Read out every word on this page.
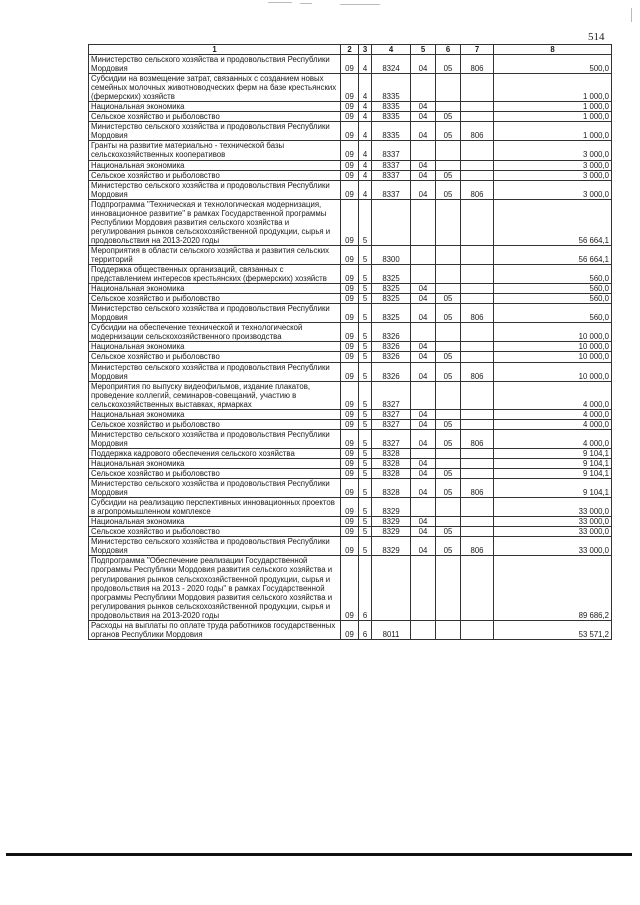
514
1	2	3	4	5	6	7	8
Министерство сельского хозяйства и продовольствия Республики Мордовия	09	4	8324	04	05	806	500,0
Субсидии на возмещение затрат, связанных с созданием новых семейных молочных животноводческих ферм на базе крестьянских (фермерских) хозяйств	09	4	8335				1 000,0
Национальная экономика	09	4	8335	04			1 000,0
Сельское хозяйство и рыболовство	09	4	8335	04	05		1 000,0
Министерство сельского хозяйства и продовольствия Республики Мордовия	09	4	8335	04	05	806	1 000,0
Гранты на развитие материально - технической базы сельскохозяйственных кооперативов	09	4	8337				3 000,0
Национальная экономика	09	4	8337	04			3 000,0
Сельское хозяйство и рыболовство	09	4	8337	04	05		3 000,0
Министерство сельского хозяйства и продовольствия Республики Мордовия	09	4	8337	04	05	806	3 000,0
Подпрограмма "Техническая и технологическая модернизация, инновационное развитие" в рамках Государственной программы Республики Мордовия развития сельского хозяйства и регулирования рынков сельскохозяйственной продукции, сырья и продовольствия на 2013-2020 годы	09	5					56 664,1
Мероприятия в области сельского хозяйства и развития сельских территорий	09	5	8300				56 664,1
Поддержка общественных организаций, связанных с представлением интересов крестьянских (фермерских) хозяйств	09	5	8325				560,0
Национальная экономика	09	5	8325	04			560,0
Сельское хозяйство и рыболовство	09	5	8325	04	05		560,0
Министерство сельского хозяйства и продовольствия Республики Мордовия	09	5	8325	04	05	806	560,0
Субсидии на обеспечение технической и технологической модернизации сельскохозяйственного производства	09	5	8326				10 000,0
Национальная экономика	09	5	8326	04			10 000,0
Сельское хозяйство и рыболовство	09	5	8326	04	05		10 000,0
Министерство сельского хозяйства и продовольствия Республики Мордовия	09	5	8326	04	05	806	10 000,0
Мероприятия по выпуску видеофильмов, издание плакатов, проведение коллегий, семинаров-совещаний, участию в сельскохозяйственных выставках, ярмарках	09	5	8327				4 000,0
Национальная экономика	09	5	8327	04			4 000,0
Сельское хозяйство и рыболовство	09	5	8327	04	05		4 000,0
Министерство сельского хозяйства и продовольствия Республики Мордовия	09	5	8327	04	05	806	4 000,0
Поддержка кадрового обеспечения сельского хозяйства	09	5	8328				9 104,1
Национальная экономика	09	5	8328	04			9 104,1
Сельское хозяйство и рыболовство	09	5	8328	04	05		9 104,1
Министерство сельского хозяйства и продовольствия Республики Мордовия	09	5	8328	04	05	806	9 104,1
Субсидии на реализацию перспективных инновационных проектов в агропромышленном комплексе	09	5	8329				33 000,0
Национальная экономика	09	5	8329	04			33 000,0
Сельское хозяйство и рыболовство	09	5	8329	04	05		33 000,0
Министерство сельского хозяйства и продовольствия Республики Мордовия	09	5	8329	04	05	806	33 000,0
Подпрограмма "Обеспечение реализации Государственной программы Республики Мордовия развития сельского хозяйства и регулирования рынков сельскохозяйственной продукции, сырья и продовольствия на 2013 - 2020 годы" в рамках Государственной программы Республики Мордовия развития сельского хозяйства и регулирования рынков сельскохозяйственной продукции, сырья и продовольствия на 2013-2020 годы	09	6					89 686,2
Расходы на выплаты по оплате труда работников государственных органов Республики Мордовия	09	6	8011				53 571,2
